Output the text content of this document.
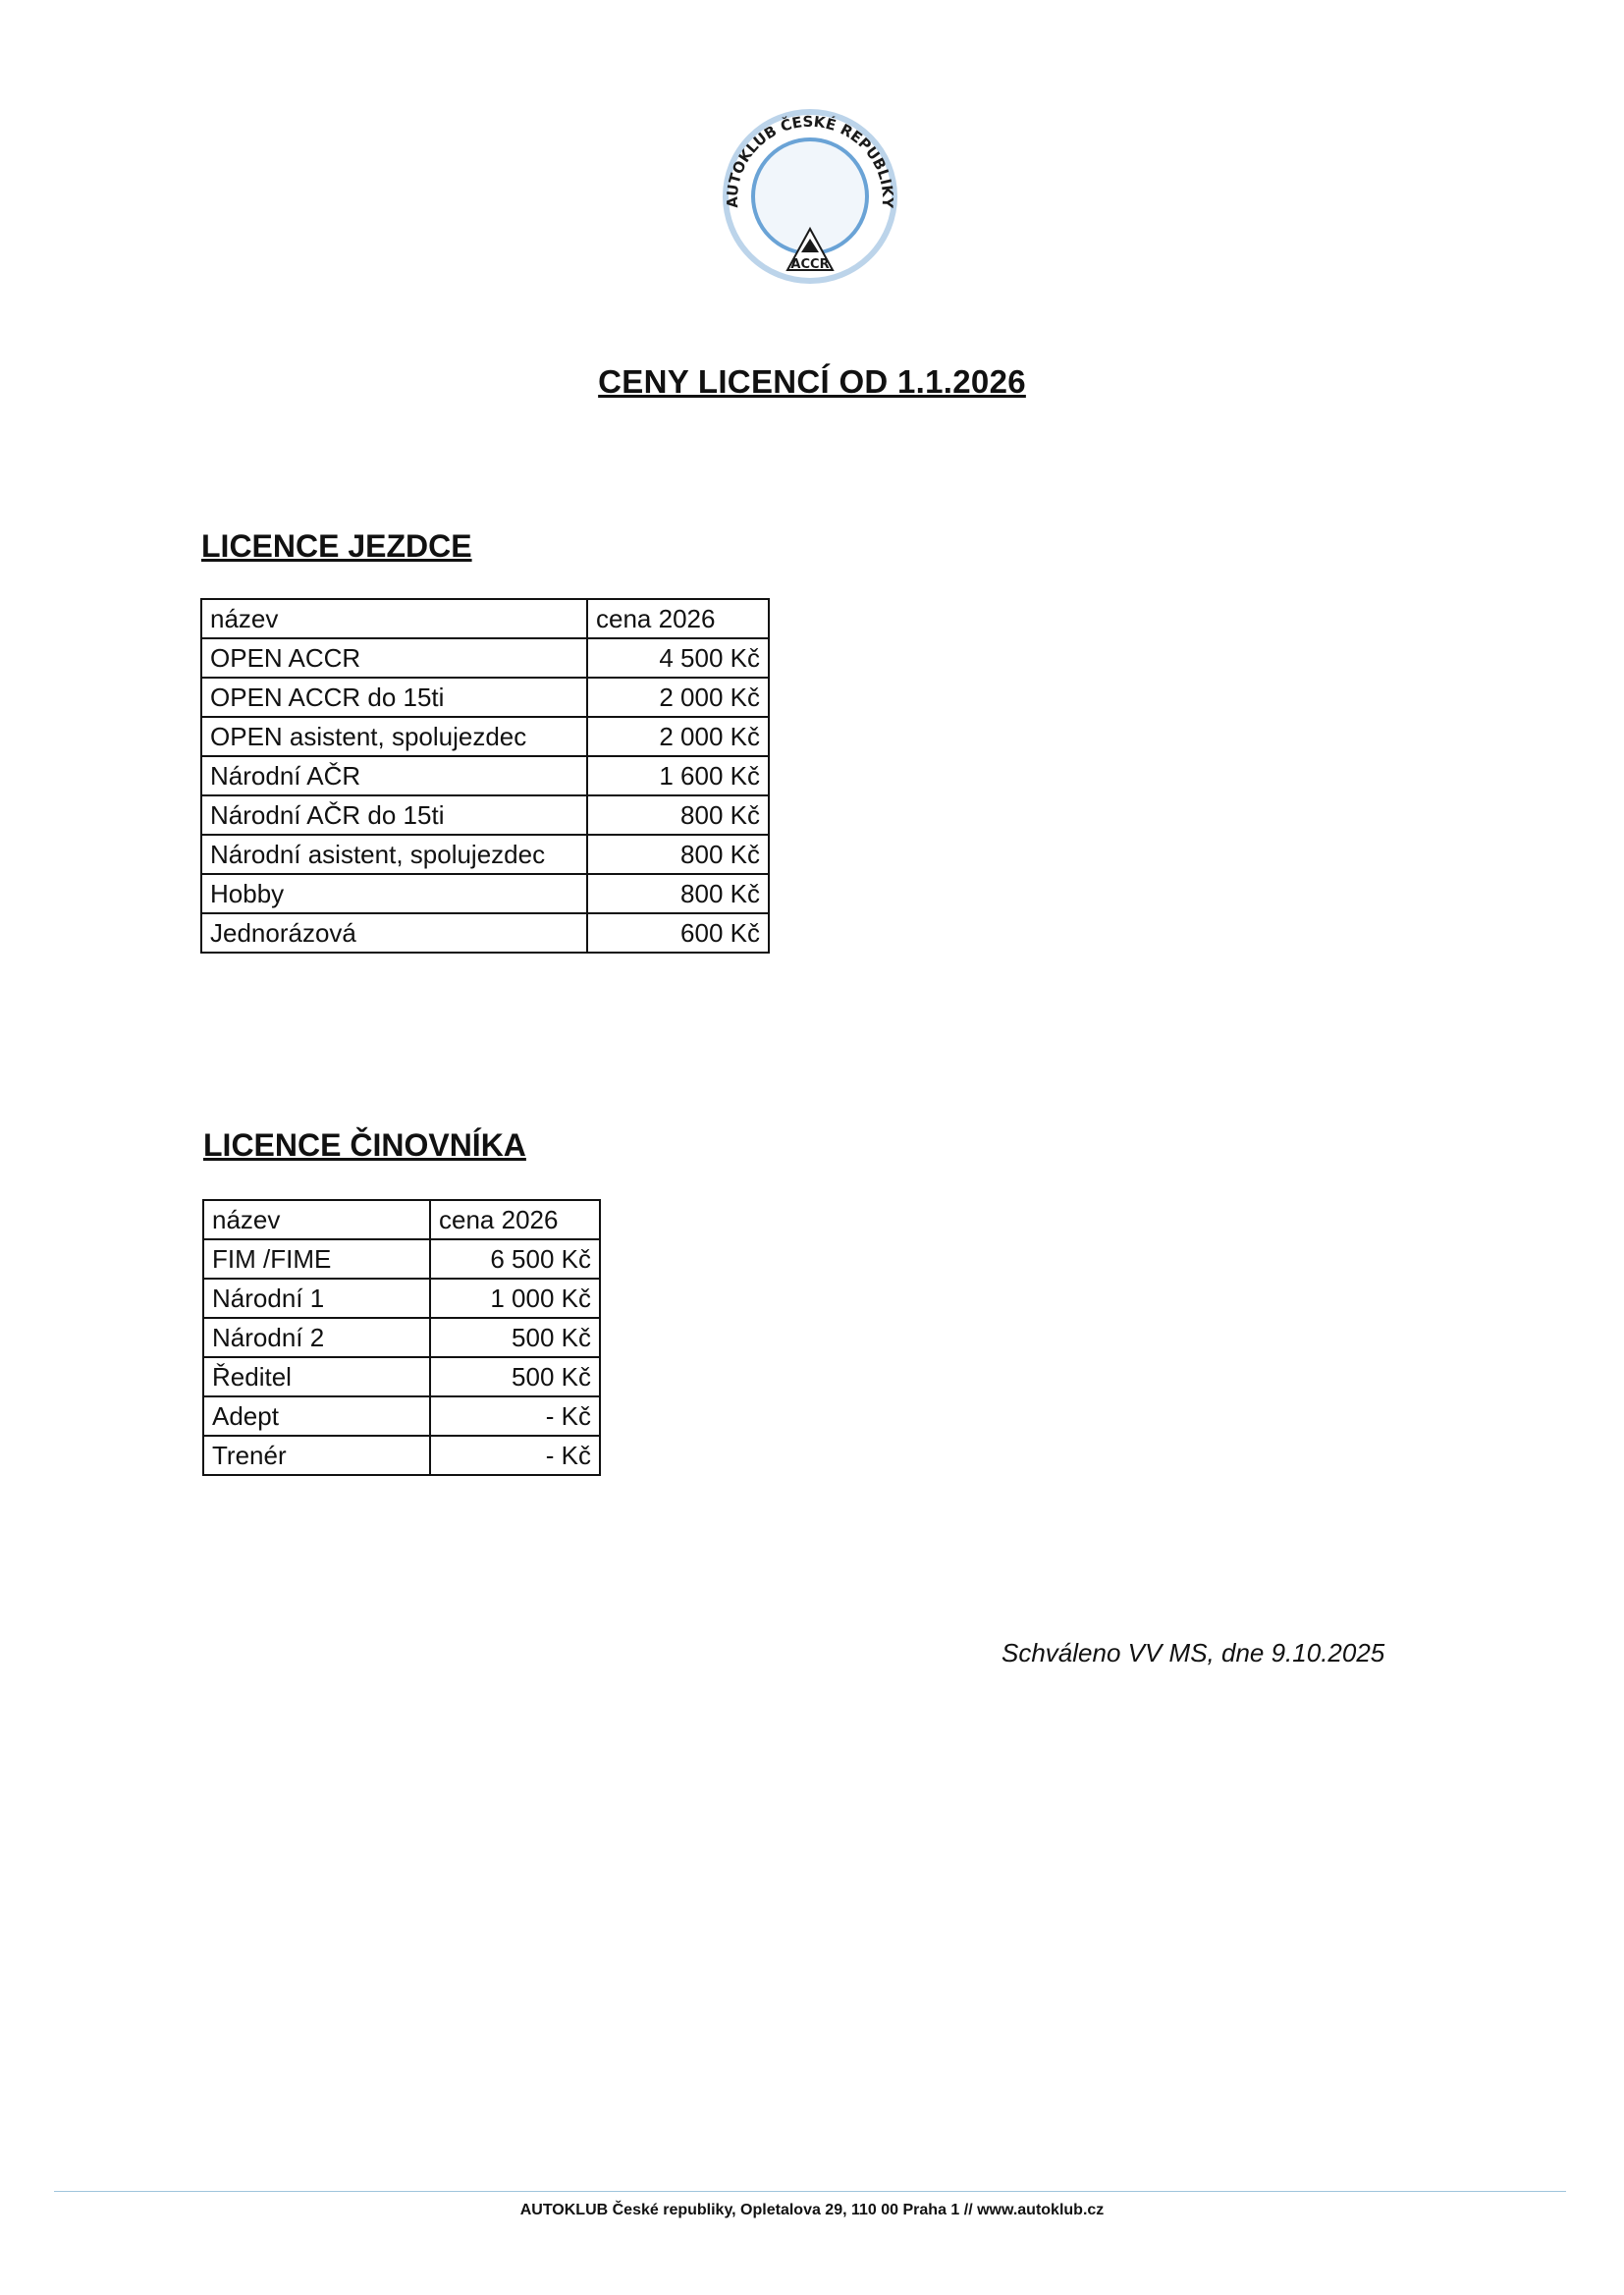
AUTOKLUB ČESKÉ REPUBLIKY
ACCR
CENY LICENCÍ OD 1.1.2026
LICENCE JEZDCE
název	cena 2026
OPEN ACCR	4 500 Kč
OPEN ACCR do 15ti	2 000 Kč
OPEN asistent, spolujezdec	2 000 Kč
Národní AČR	1 600 Kč
Národní AČR do 15ti	800 Kč
Národní asistent, spolujezdec	800 Kč
Hobby	800 Kč
Jednorázová	600 Kč
LICENCE ČINOVNÍKA
název	cena 2026
FIM /FIME	6 500 Kč
Národní 1	1 000 Kč
Národní 2	500 Kč
Ředitel	500 Kč
Adept	- Kč
Trenér	- Kč
Schváleno VV MS, dne 9.10.2025
AUTOKLUB České republiky, Opletalova 29, 110 00 Praha 1 // www.autoklub.cz
